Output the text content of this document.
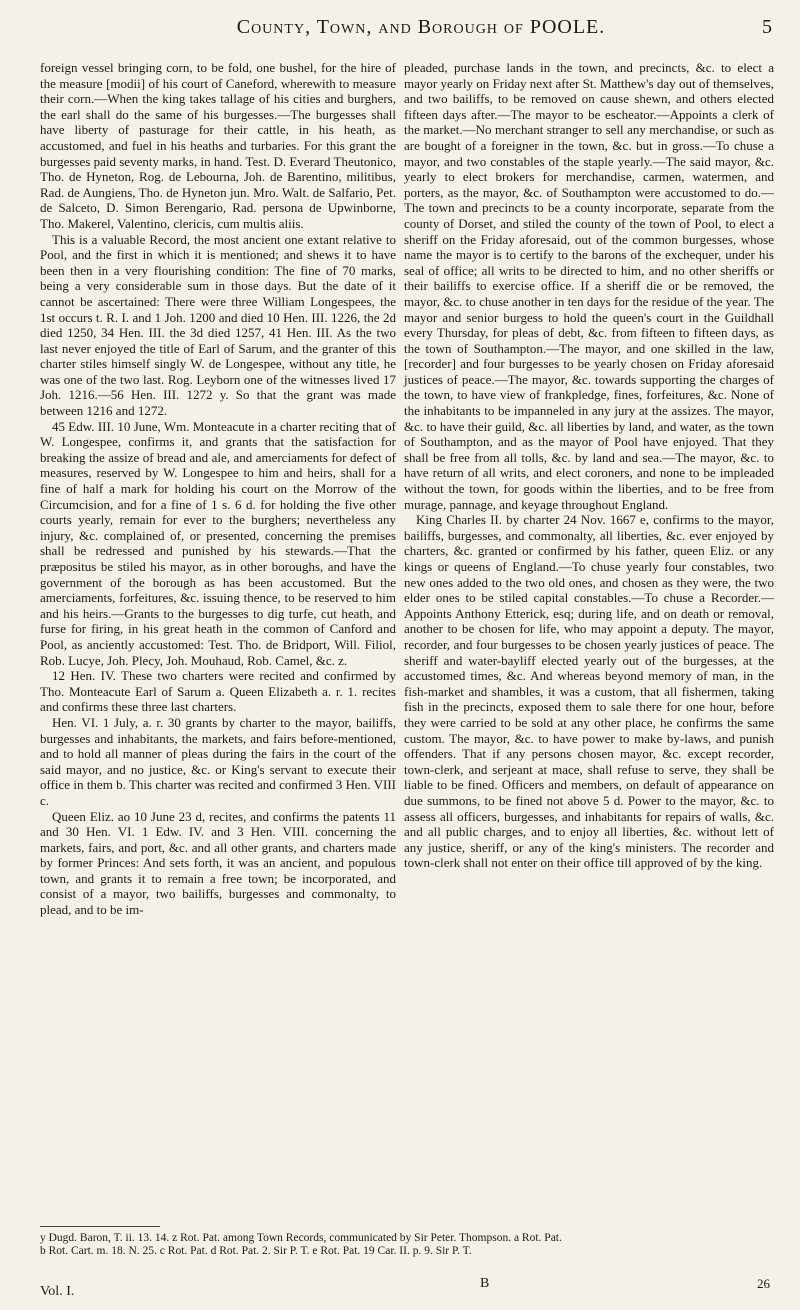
County, Town, and Borough of POOLE.	5

foreign vessel bringing corn, to be fold, one bushel, for the hire of the measure [modii] of his court of Caneford, wherewith to measure their corn.—When the king takes tallage of his cities and burghers, the earl shall do the same of his burgesses.—The burgesses shall have liberty of pasturage for their cattle, in his heath, as accustomed, and fuel in his heaths and turbaries. For this grant the burgesses paid seventy marks, in hand. Test. D. Everard Theutonico, Tho. de Hyneton, Rog. de Lebourna, Joh. de Barentino, militibus, Rad. de Aungiens, Tho. de Hyneton jun. Mro. Walt. de Salfario, Pet. de Salceto, D. Simon Berengario, Rad. persona de Upwinborne, Tho. Makerel, Valentino, clericis, cum multis aliis.

This is a valuable Record, the most ancient one extant relative to Pool, and the first in which it is mentioned; and shews it to have been then in a very flourishing condition: The fine of 70 marks, being a very considerable sum in those days. But the date of it cannot be ascertained: There were three William Longespees, the 1st occurs t. R. I. and 1 Joh. 1200 and died 10 Hen. III. 1226, the 2d died 1250, 34 Hen. III. the 3d died 1257, 41 Hen. III. As the two last never enjoyed the title of Earl of Sarum, and the granter of this charter stiles himself singly W. de Longespee, without any title, he was one of the two last. Rog. Leyborn one of the witnesses lived 17 Joh. 1216.—56 Hen. III. 1272 y. So that the grant was made between 1216 and 1272.

45 Edw. III. 10 June, Wm. Monteacute in a charter reciting that of W. Longespee, confirms it, and grants that the satisfaction for breaking the assize of bread and ale, and amerciaments for defect of measures, reserved by W. Longespee to him and heirs, shall for a fine of half a mark for holding his court on the Morrow of the Circumcision, and for a fine of 1 s. 6 d. for holding the five other courts yearly, remain for ever to the burghers; nevertheless any injury, &c. complained of, or presented, concerning the premises shall be redressed and punished by his stewards.—That the præpositus be stiled his mayor, as in other boroughs, and have the government of the borough as has been accustomed. But the amerciaments, forfeitures, &c. issuing thence, to be reserved to him and his heirs.—Grants to the burgesses to dig turfe, cut heath, and furse for firing, in his great heath in the common of Canford and Pool, as anciently accustomed: Test. Tho. de Bridport, Will. Filiol, Rob. Lucye, Joh. Plecy, Joh. Mouhaud, Rob. Camel, &c. z.

12 Hen. IV. These two charters were recited and confirmed by Tho. Monteacute Earl of Sarum a. Queen Elizabeth a. r. 1. recites and confirms these three last charters.

Hen. VI. 1 July, a. r. 30 grants by charter to the mayor, bailiffs, burgesses and inhabitants, the markets, and fairs before-mentioned, and to hold all manner of pleas during the fairs in the court of the said mayor, and no justice, &c. or King's servant to execute their office in them b. This charter was recited and confirmed 3 Hen. VIII c.

Queen Eliz. ao 10 June 23 d, recites, and confirms the patents 11 and 30 Hen. VI. 1 Edw. IV. and 3 Hen. VIII. concerning the markets, fairs, and port, &c. and all other grants, and charters made by former Princes: And sets forth, it was an ancient, and populous town, and grants it to remain a free town; be incorporated, and consist of a mayor, two bailiffs, burgesses and commonalty, to plead, and to be im-

pleaded, purchase lands in the town, and precincts, &c. to elect a mayor yearly on Friday next after St. Matthew's day out of themselves, and two bailiffs, to be removed on cause shewn, and others elected fifteen days after.—The mayor to be escheator.—Appoints a clerk of the market.—No merchant stranger to sell any merchandise, or such as are bought of a foreigner in the town, &c. but in gross.—To chuse a mayor, and two constables of the staple yearly.—The said mayor, &c. yearly to elect brokers for merchandise, carmen, watermen, and porters, as the mayor, &c. of Southampton were accustomed to do.—The town and precincts to be a county incorporate, separate from the county of Dorset, and stiled the county of the town of Pool, to elect a sheriff on the Friday aforesaid, out of the common burgesses, whose name the mayor is to certify to the barons of the exchequer, under his seal of office; all writs to be directed to him, and no other sheriffs or their bailiffs to exercise office. If a sheriff die or be removed, the mayor, &c. to chuse another in ten days for the residue of the year. The mayor and senior burgess to hold the queen's court in the Guildhall every Thursday, for pleas of debt, &c. from fifteen to fifteen days, as the town of Southampton.—The mayor, and one skilled in the law, [recorder] and four burgesses to be yearly chosen on Friday aforesaid justices of peace.—The mayor, &c. towards supporting the charges of the town, to have view of frankpledge, fines, forfeitures, &c. None of the inhabitants to be impanneled in any jury at the assizes. The mayor, &c. to have their guild, &c. all liberties by land, and water, as the town of Southampton, and as the mayor of Pool have enjoyed. That they shall be free from all tolls, &c. by land and sea.—The mayor, &c. to have return of all writs, and elect coroners, and none to be impleaded without the town, for goods within the liberties, and to be free from murage, pannage, and keyage throughout England.

King Charles II. by charter 24 Nov. 1667 e, confirms to the mayor, bailiffs, burgesses, and commonalty, all liberties, &c. ever enjoyed by charters, &c. granted or confirmed by his father, queen Eliz. or any kings or queens of England.—To chuse yearly four constables, two new ones added to the two old ones, and chosen as they were, the two elder ones to be stiled capital constables.—To chuse a Recorder.—Appoints Anthony Etterick, esq; during life, and on death or removal, another to be chosen for life, who may appoint a deputy. The mayor, recorder, and four burgesses to be chosen yearly justices of peace. The sheriff and water-bayliff elected yearly out of the burgesses, at the accustomed times, &c. And whereas beyond memory of man, in the fish-market and shambles, it was a custom, that all fishermen, taking fish in the precincts, exposed them to sale there for one hour, before they were carried to be sold at any other place, he confirms the same custom. The mayor, &c. to have power to make by-laws, and punish offenders. That if any persons chosen mayor, &c. except recorder, town-clerk, and serjeant at mace, shall refuse to serve, they shall be liable to be fined. Officers and members, on default of appearance on due summons, to be fined not above 5 d. Power to the mayor, &c. to assess all officers, burgesses, and inhabitants for repairs of walls, &c. and all public charges, and to enjoy all liberties, &c. without lett of any justice, sheriff, or any of the king's ministers. The recorder and town-clerk shall not enter on their office till approved of by the king.

y Dugd. Baron, T. ii. 13. 14. z Rot. Pat. among Town Records, communicated by Sir Peter. Thompson. a Rot. Pat.
b Rot. Cart. m. 18. N. 25. c Rot. Pat. d Rot. Pat. 2. Sir P. T. e Rot. Pat. 19 Car. II. p. 9. Sir P. T.
Vol. I.
B	26
